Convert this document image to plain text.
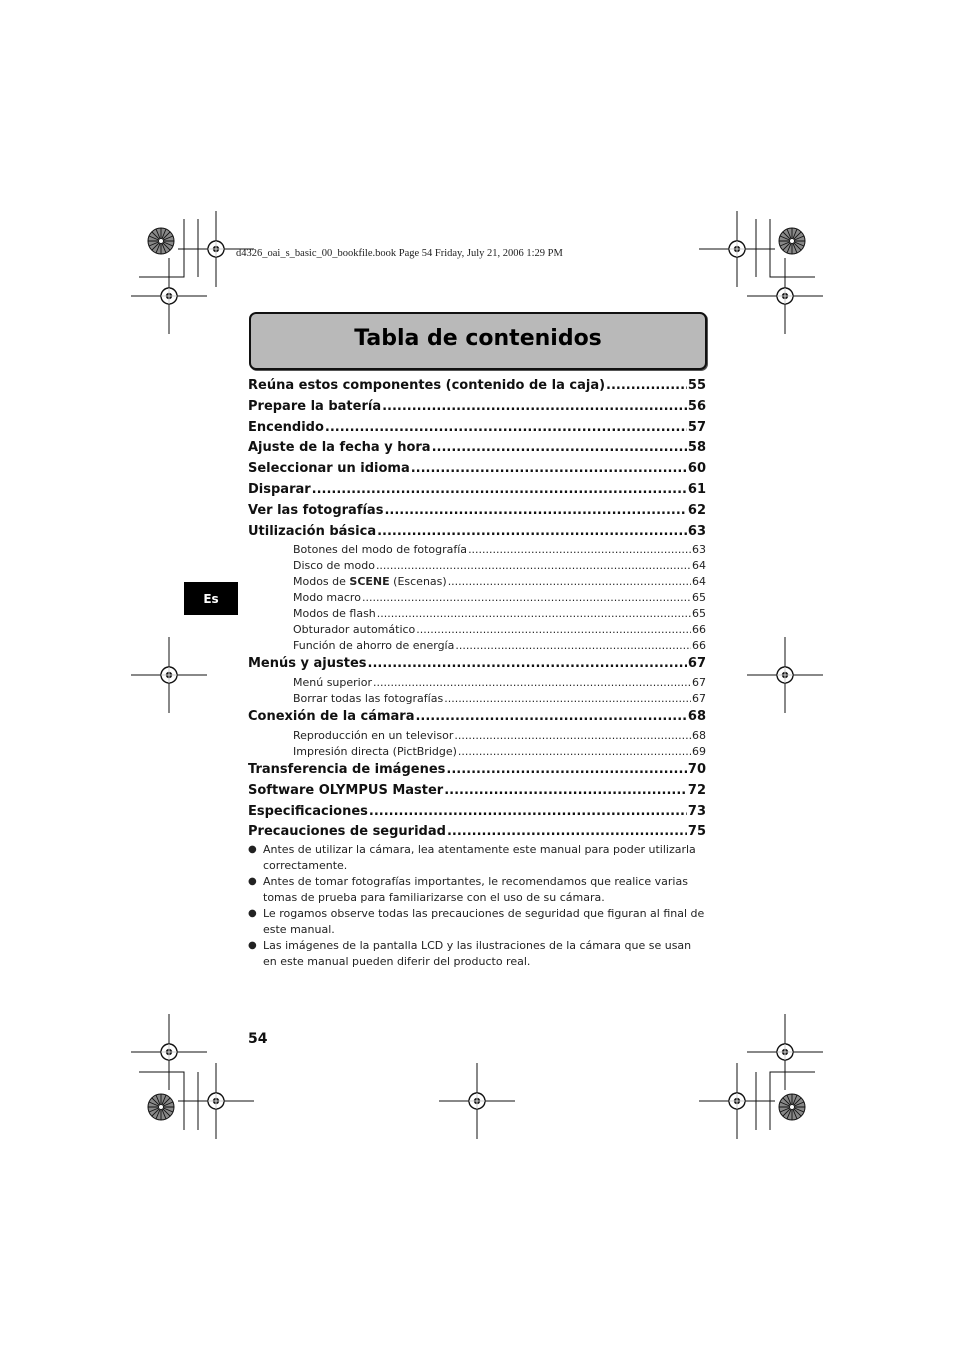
d4326_oai_s_basic_00_bookfile.book Page 54 Friday, July 21, 2006 1:29 PM
Tabla de contenidos
Es
Reúna estos componentes (contenido de la caja) .....	55
Prepare la batería .....	56
Encendido .....	57
Ajuste de la fecha y hora .....	58
Seleccionar un idioma .....	60
Disparar .....	61
Ver las fotografías .....	62
Utilización básica .....	63
Botones del modo de fotografía .....	63
Disco de modo .....	64
Modos de SCENE (Escenas) .....	64
Modo macro .....	65
Modos de flash .....	65
Obturador automático .....	66
Función de ahorro de energía .....	66
Menús y ajustes .....	67
Menú superior .....	67
Borrar todas las fotografías .....	67
Conexión de la cámara .....	68
Reproducción en un televisor .....	68
Impresión directa (PictBridge) .....	69
Transferencia de imágenes .....	70
Software OLYMPUS Master .....	72
Especificaciones .....	73
Precauciones de seguridad .....	75
● Antes de utilizar la cámara, lea atentamente este manual para poder utilizarla correctamente.
● Antes de tomar fotografías importantes, le recomendamos que realice varias tomas de prueba para familiarizarse con el uso de su cámara.
● Le rogamos observe todas las precauciones de seguridad que figuran al final de este manual.
● Las imágenes de la pantalla LCD y las ilustraciones de la cámara que se usan en este manual pueden diferir del producto real.
54
